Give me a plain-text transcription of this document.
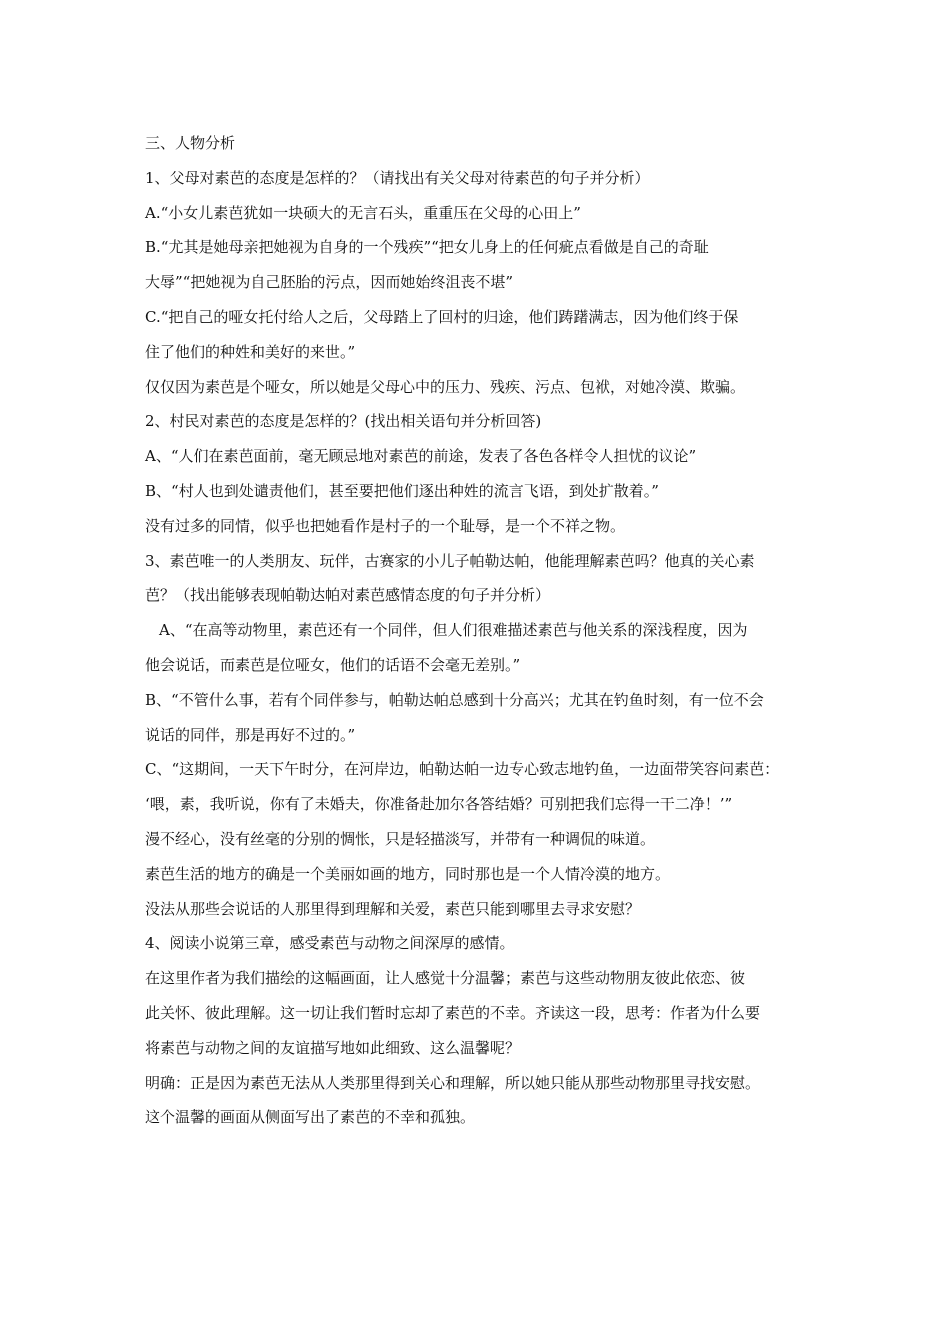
三、人物分析
1、父母对素芭的态度是怎样的？（请找出有关父母对待素芭的句子并分析）
A.“小女儿素芭犹如一块硕大的无言石头，重重压在父母的心田上”
B.“尤其是她母亲把她视为自身的一个残疾”“把女儿身上的任何疵点看做是自己的奇耻
大辱”“把她视为自己胚胎的污点，因而她始终沮丧不堪”
C.“把自己的哑女托付给人之后，父母踏上了回村的归途，他们踌躇满志，因为他们终于保
住了他们的种姓和美好的来世。”
仅仅因为素芭是个哑女，所以她是父母心中的压力、残疾、污点、包袱，对她冷漠、欺骗。
2、村民对素芭的态度是怎样的？(找出相关语句并分析回答)
A、“人们在素芭面前，毫无顾忌地对素芭的前途，发表了各色各样令人担忧的议论”
B、“村人也到处谴责他们，甚至要把他们逐出种姓的流言飞语，到处扩散着。”
没有过多的同情，似乎也把她看作是村子的一个耻辱，是一个不祥之物。
3、素芭唯一的人类朋友、玩伴，古赛家的小儿子帕勒达帕，他能理解素芭吗？他真的关心素
芭？（找出能够表现帕勒达帕对素芭感情态度的句子并分析）
A、“在高等动物里，素芭还有一个同伴，但人们很难描述素芭与他关系的深浅程度，因为
他会说话，而素芭是位哑女，他们的话语不会毫无差别。”
B、“不管什么事，若有个同伴参与，帕勒达帕总感到十分高兴；尤其在钓鱼时刻，有一位不会
说话的同伴，那是再好不过的。”
C、“这期间，一天下午时分，在河岸边，帕勒达帕一边专心致志地钓鱼，一边面带笑容问素芭：
‘喂，素，我听说，你有了未婚夫，你准备赴加尔各答结婚？可别把我们忘得一干二净！’”
漫不经心，没有丝毫的分别的惆怅，只是轻描淡写，并带有一种调侃的味道。
素芭生活的地方的确是一个美丽如画的地方，同时那也是一个人情冷漠的地方。
没法从那些会说话的人那里得到理解和关爱，素芭只能到哪里去寻求安慰？
4、阅读小说第三章，感受素芭与动物之间深厚的感情。
在这里作者为我们描绘的这幅画面，让人感觉十分温馨；素芭与这些动物朋友彼此依恋、彼
此关怀、彼此理解。这一切让我们暂时忘却了素芭的不幸。齐读这一段，思考：作者为什么要
将素芭与动物之间的友谊描写地如此细致、这么温馨呢？
明确：正是因为素芭无法从人类那里得到关心和理解，所以她只能从那些动物那里寻找安慰。
这个温馨的画面从侧面写出了素芭的不幸和孤独。
